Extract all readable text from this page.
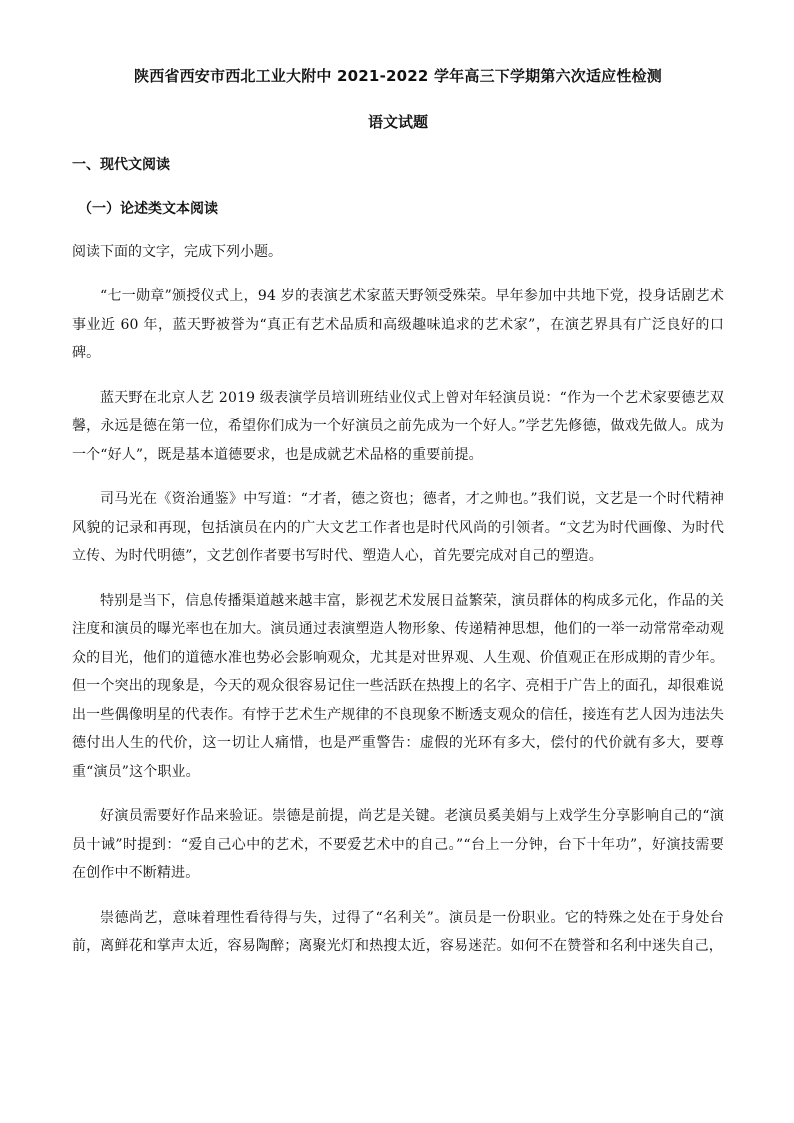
陕西省西安市西北工业大附中 2021-2022 学年高三下学期第六次适应性检测
语文试题
一、现代文阅读
（一）论述类文本阅读

阅读下面的文字，完成下列小题。

“七一勋章”颁授仪式上，94 岁的表演艺术家蓝天野领受殊荣。早年参加中共地下党，投身话剧艺术事业近 60 年，蓝天野被誉为“真正有艺术品质和高级趣味追求的艺术家”，在演艺界具有广泛良好的口碑。

蓝天野在北京人艺 2019 级表演学员培训班结业仪式上曾对年轻演员说：“作为一个艺术家要德艺双馨，永远是德在第一位，希望你们成为一个好演员之前先成为一个好人。”学艺先修德，做戏先做人。成为一个“好人”，既是基本道德要求，也是成就艺术品格的重要前提。

司马光在《资治通鉴》中写道：“才者，德之资也；德者，才之帅也。”我们说，文艺是一个时代精神风貌的记录和再现，包括演员在内的广大文艺工作者也是时代风尚的引领者。“文艺为时代画像、为时代立传、为时代明德”，文艺创作者要书写时代、塑造人心，首先要完成对自己的塑造。

特别是当下，信息传播渠道越来越丰富，影视艺术发展日益繁荣，演员群体的构成多元化，作品的关注度和演员的曝光率也在加大。演员通过表演塑造人物形象、传递精神思想，他们的一举一动常常牵动观众的目光，他们的道德水准也势必会影响观众，尤其是对世界观、人生观、价值观正在形成期的青少年。但一个突出的现象是，今天的观众很容易记住一些活跃在热搜上的名字、亮相于广告上的面孔，却很难说出一些偶像明星的代表作。有悖于艺术生产规律的不良现象不断透支观众的信任，接连有艺人因为违法失德付出人生的代价，这一切让人痛惜，也是严重警告：虚假的光环有多大，偿付的代价就有多大，要尊重“演员”这个职业。

好演员需要好作品来验证。崇德是前提，尚艺是关键。老演员奚美娟与上戏学生分享影响自己的“演员十诫”时提到：“爱自己心中的艺术，不要爱艺术中的自己。”“台上一分钟，台下十年功”，好演技需要在创作中不断精进。

崇德尚艺，意味着理性看待得与失，过得了“名利关”。演员是一份职业。它的特殊之处在于身处台前，离鲜花和掌声太近，容易陶醉；离聚光灯和热搜太近，容易迷茫。如何不在赞誉和名利中迷失自己，
